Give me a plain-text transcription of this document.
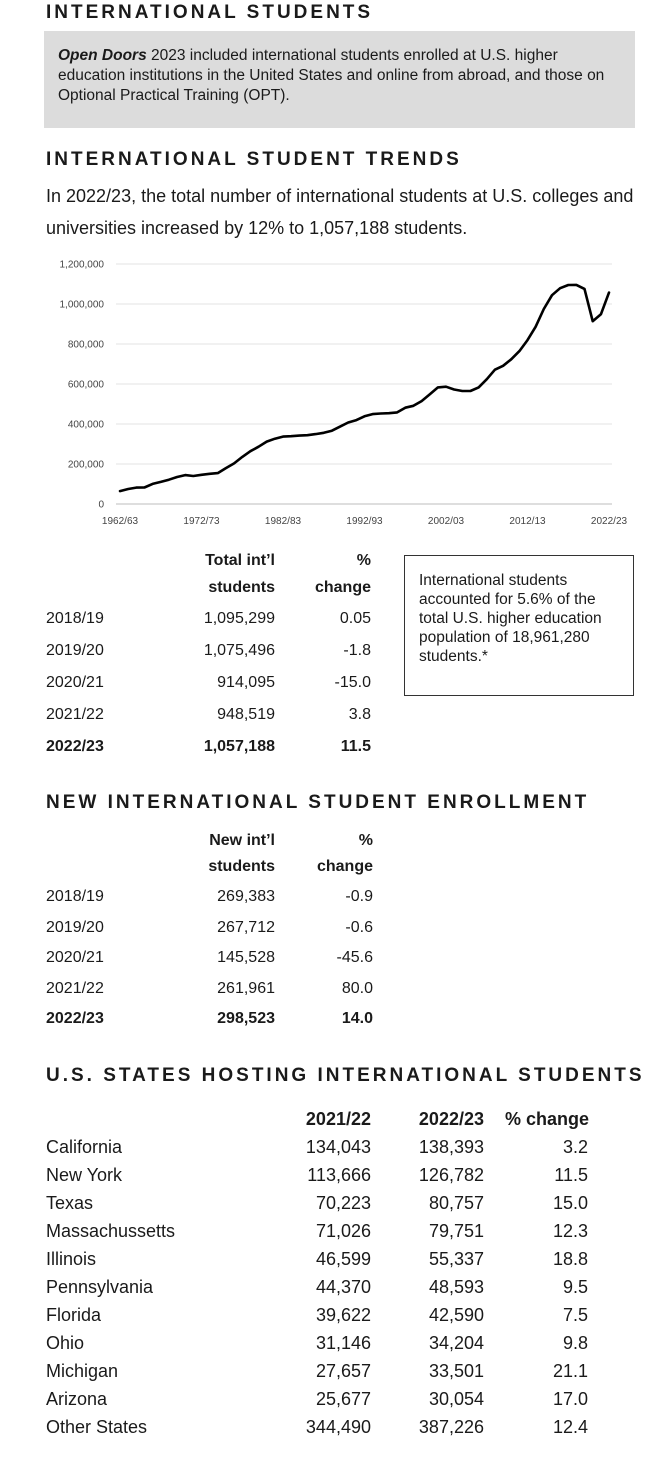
INTERNATIONAL STUDENTS
Open Doors 2023 included international students enrolled at U.S. higher education institutions in the United States and online from abroad, and those on Optional Practical Training (OPT).
INTERNATIONAL STUDENT TRENDS
In 2022/23, the total number of international students at U.S. colleges and universities increased by 12% to 1,057,188 students.
0
200,000
400,000
600,000
800,000
1,000,000
1,200,000
1962/63	1972/73	1982/83	1992/93	2002/03	2012/13	2022/23
Total int’l	%
students	change
2018/19	1,095,299	0.05
2019/20	1,075,496	-1.8
2020/21	914,095	-15.0
2021/22	948,519	3.8
2022/23	1,057,188	11.5
International students accounted for 5.6% of the total U.S. higher education population of 18,961,280 students.*
NEW INTERNATIONAL STUDENT ENROLLMENT
New int’l	%
students	change
2018/19	269,383	-0.9
2019/20	267,712	-0.6
2020/21	145,528	-45.6
2021/22	261,961	80.0
2022/23	298,523	14.0
U.S. STATES HOSTING INTERNATIONAL STUDENTS
2021/22	2022/23	% change
California	134,043	138,393	3.2
New York	113,666	126,782	11.5
Texas	70,223	80,757	15.0
Massachussetts	71,026	79,751	12.3
Illinois	46,599	55,337	18.8
Pennsylvania	44,370	48,593	9.5
Florida	39,622	42,590	7.5
Ohio	31,146	34,204	9.8
Michigan	27,657	33,501	21.1
Arizona	25,677	30,054	17.0
Other States	344,490	387,226	12.4
